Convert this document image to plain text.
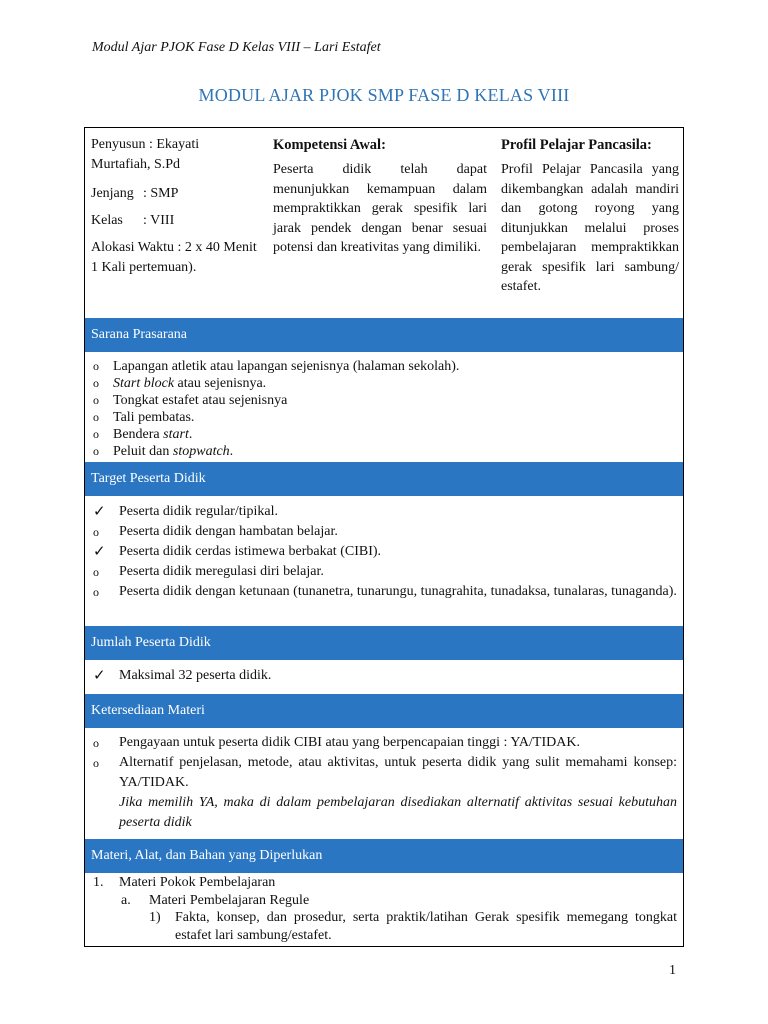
Modul Ajar PJOK Fase D Kelas VIII – Lari Estafet
MODUL AJAR PJOK SMP FASE D KELAS VIII

Penyusun : Ekayati Murtafiah, S.Pd

Jenjang : SMP

Kelas : VIII

Alokasi Waktu : 2 x 40 Menit 1 Kali pertemuan).

Kompetensi Awal:

Peserta didik telah dapat menunjukkan kemampuan dalam mempraktikkan gerak spesifik lari jarak pendek dengan benar sesuai potensi dan kreativitas yang dimiliki.

Profil Pelajar Pancasila:

Profil Pelajar Pancasila yang dikembangkan adalah mandiri dan gotong royong yang ditunjukkan melalui proses pembelajaran mempraktikkan gerak spesifik lari sambung/ estafet.

Sarana Prasarana
o Lapangan atletik atau lapangan sejenisnya (halaman sekolah).
o Start block atau sejenisnya.
o Tongkat estafet atau sejenisnya
o Tali pembatas.
o Bendera start.
o Peluit dan stopwatch.
Target Peserta Didik
✓ Peserta didik regular/tipikal.
o Peserta didik dengan hambatan belajar.
✓ Peserta didik cerdas istimewa berbakat (CIBI).
o Peserta didik meregulasi diri belajar.
o Peserta didik dengan ketunaan (tunanetra, tunarungu, tunagrahita, tunadaksa, tunalaras, tunaganda).
Jumlah Peserta Didik
✓ Maksimal 32 peserta didik.
Ketersediaan Materi
o Pengayaan untuk peserta didik CIBI atau yang berpencapaian tinggi : YA/TIDAK.
o Alternatif penjelasan, metode, atau aktivitas, untuk peserta didik yang sulit memahami konsep: YA/TIDAK.
Jika memilih YA, maka di dalam pembelajaran disediakan alternatif aktivitas sesuai kebutuhan peserta didik
Materi, Alat, dan Bahan yang Diperlukan
1. Materi Pokok Pembelajaran
a. Materi Pembelajaran Regule
1) Fakta, konsep, dan prosedur, serta praktik/latihan Gerak spesifik memegang tongkat estafet lari sambung/estafet.
1
